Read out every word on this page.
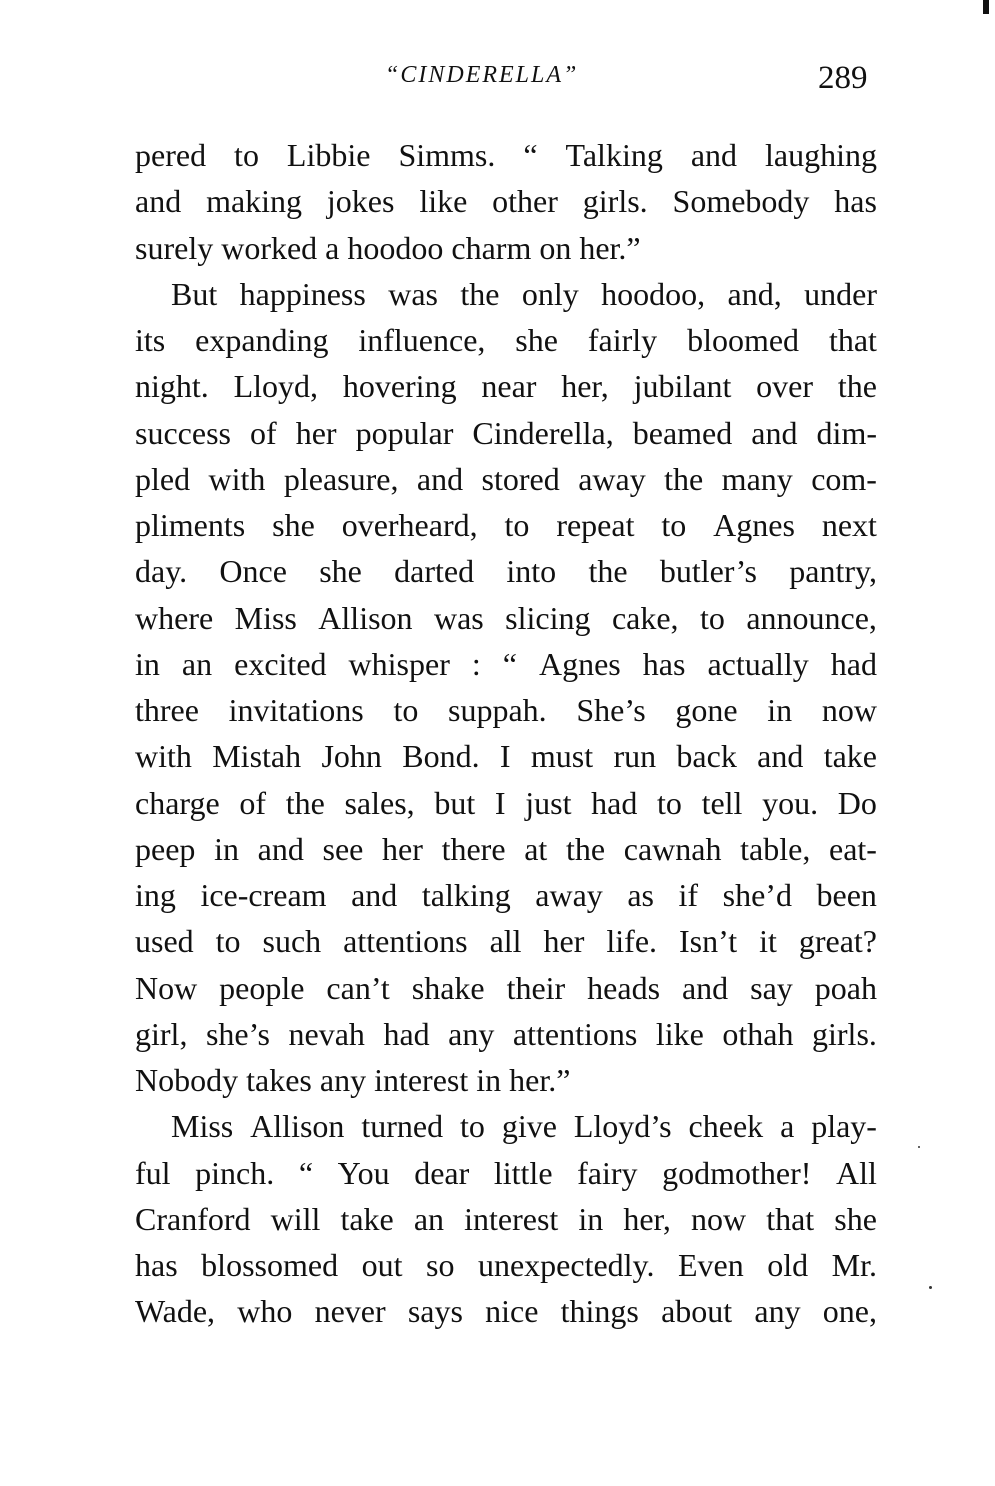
“CINDERELLA”	289
pered to Libbie Simms. “ Talking and laughing
and making jokes like other girls. Somebody has
surely worked a hoodoo charm on her.”
But happiness was the only hoodoo, and, under
its expanding influence, she fairly bloomed that
night. Lloyd, hovering near her, jubilant over the
success of her popular Cinderella, beamed and dim-
pled with pleasure, and stored away the many com-
pliments she overheard, to repeat to Agnes next
day. Once she darted into the butler’s pantry,
where Miss Allison was slicing cake, to announce,
in an excited whisper : “ Agnes has actually had
three invitations to suppah. She’s gone in now
with Mistah John Bond. I must run back and take
charge of the sales, but I just had to tell you. Do
peep in and see her there at the cawnah table, eat-
ing ice-cream and talking away as if she’d been
used to such attentions all her life. Isn’t it great?
Now people can’t shake their heads and say poah
girl, she’s nevah had any attentions like othah girls.
Nobody takes any interest in her.”
Miss Allison turned to give Lloyd’s cheek a play-
ful pinch. “ You dear little fairy godmother! All
Cranford will take an interest in her, now that she
has blossomed out so unexpectedly. Even old Mr.
Wade, who never says nice things about any one,
